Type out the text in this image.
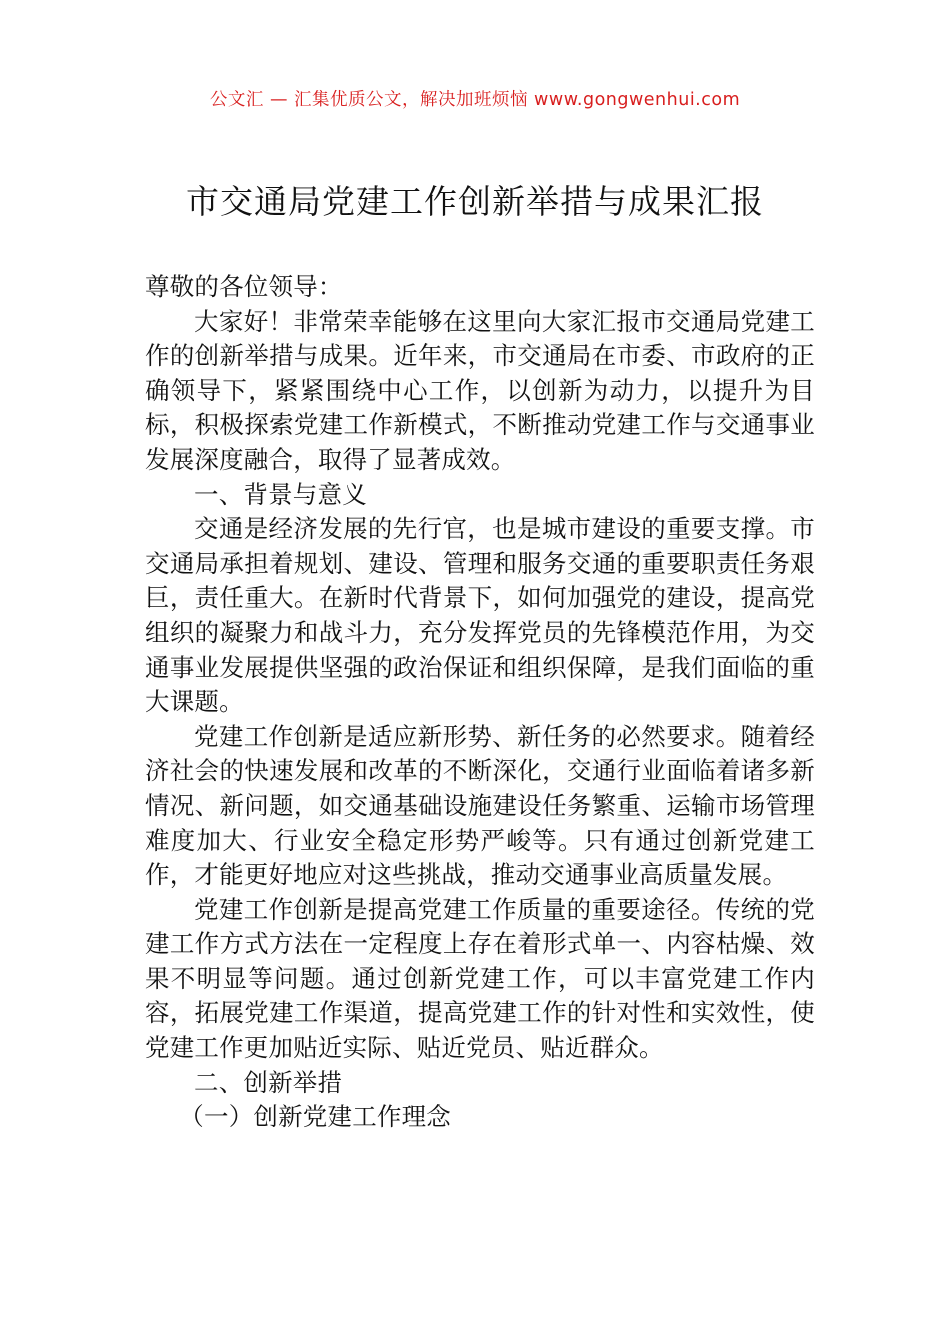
公文汇 — 汇集优质公文，解决加班烦恼 www.gongwenhui.com
市交通局党建工作创新举措与成果汇报

尊敬的各位领导：

大家好！非常荣幸能够在这里向大家汇报市交通局党建工作的创新举措与成果。近年来，市交通局在市委、市政府的正确领导下，紧紧围绕中心工作，以创新为动力，以提升为目标，积极探索党建工作新模式，不断推动党建工作与交通事业发展深度融合，取得了显著成效。

一、背景与意义

交通是经济发展的先行官，也是城市建设的重要支撑。市交通局承担着规划、建设、管理和服务交通的重要职责任务艰巨，责任重大。在新时代背景下，如何加强党的建设，提高党组织的凝聚力和战斗力，充分发挥党员的先锋模范作用，为交通事业发展提供坚强的政治保证和组织保障，是我们面临的重大课题。

党建工作创新是适应新形势、新任务的必然要求。随着经济社会的快速发展和改革的不断深化，交通行业面临着诸多新情况、新问题，如交通基础设施建设任务繁重、运输市场管理难度加大、行业安全稳定形势严峻等。只有通过创新党建工作，才能更好地应对这些挑战，推动交通事业高质量发展。

党建工作创新是提高党建工作质量的重要途径。传统的党建工作方式方法在一定程度上存在着形式单一、内容枯燥、效果不明显等问题。通过创新党建工作，可以丰富党建工作内容，拓展党建工作渠道，提高党建工作的针对性和实效性，使党建工作更加贴近实际、贴近党员、贴近群众。

二、创新举措

（一）创新党建工作理念
